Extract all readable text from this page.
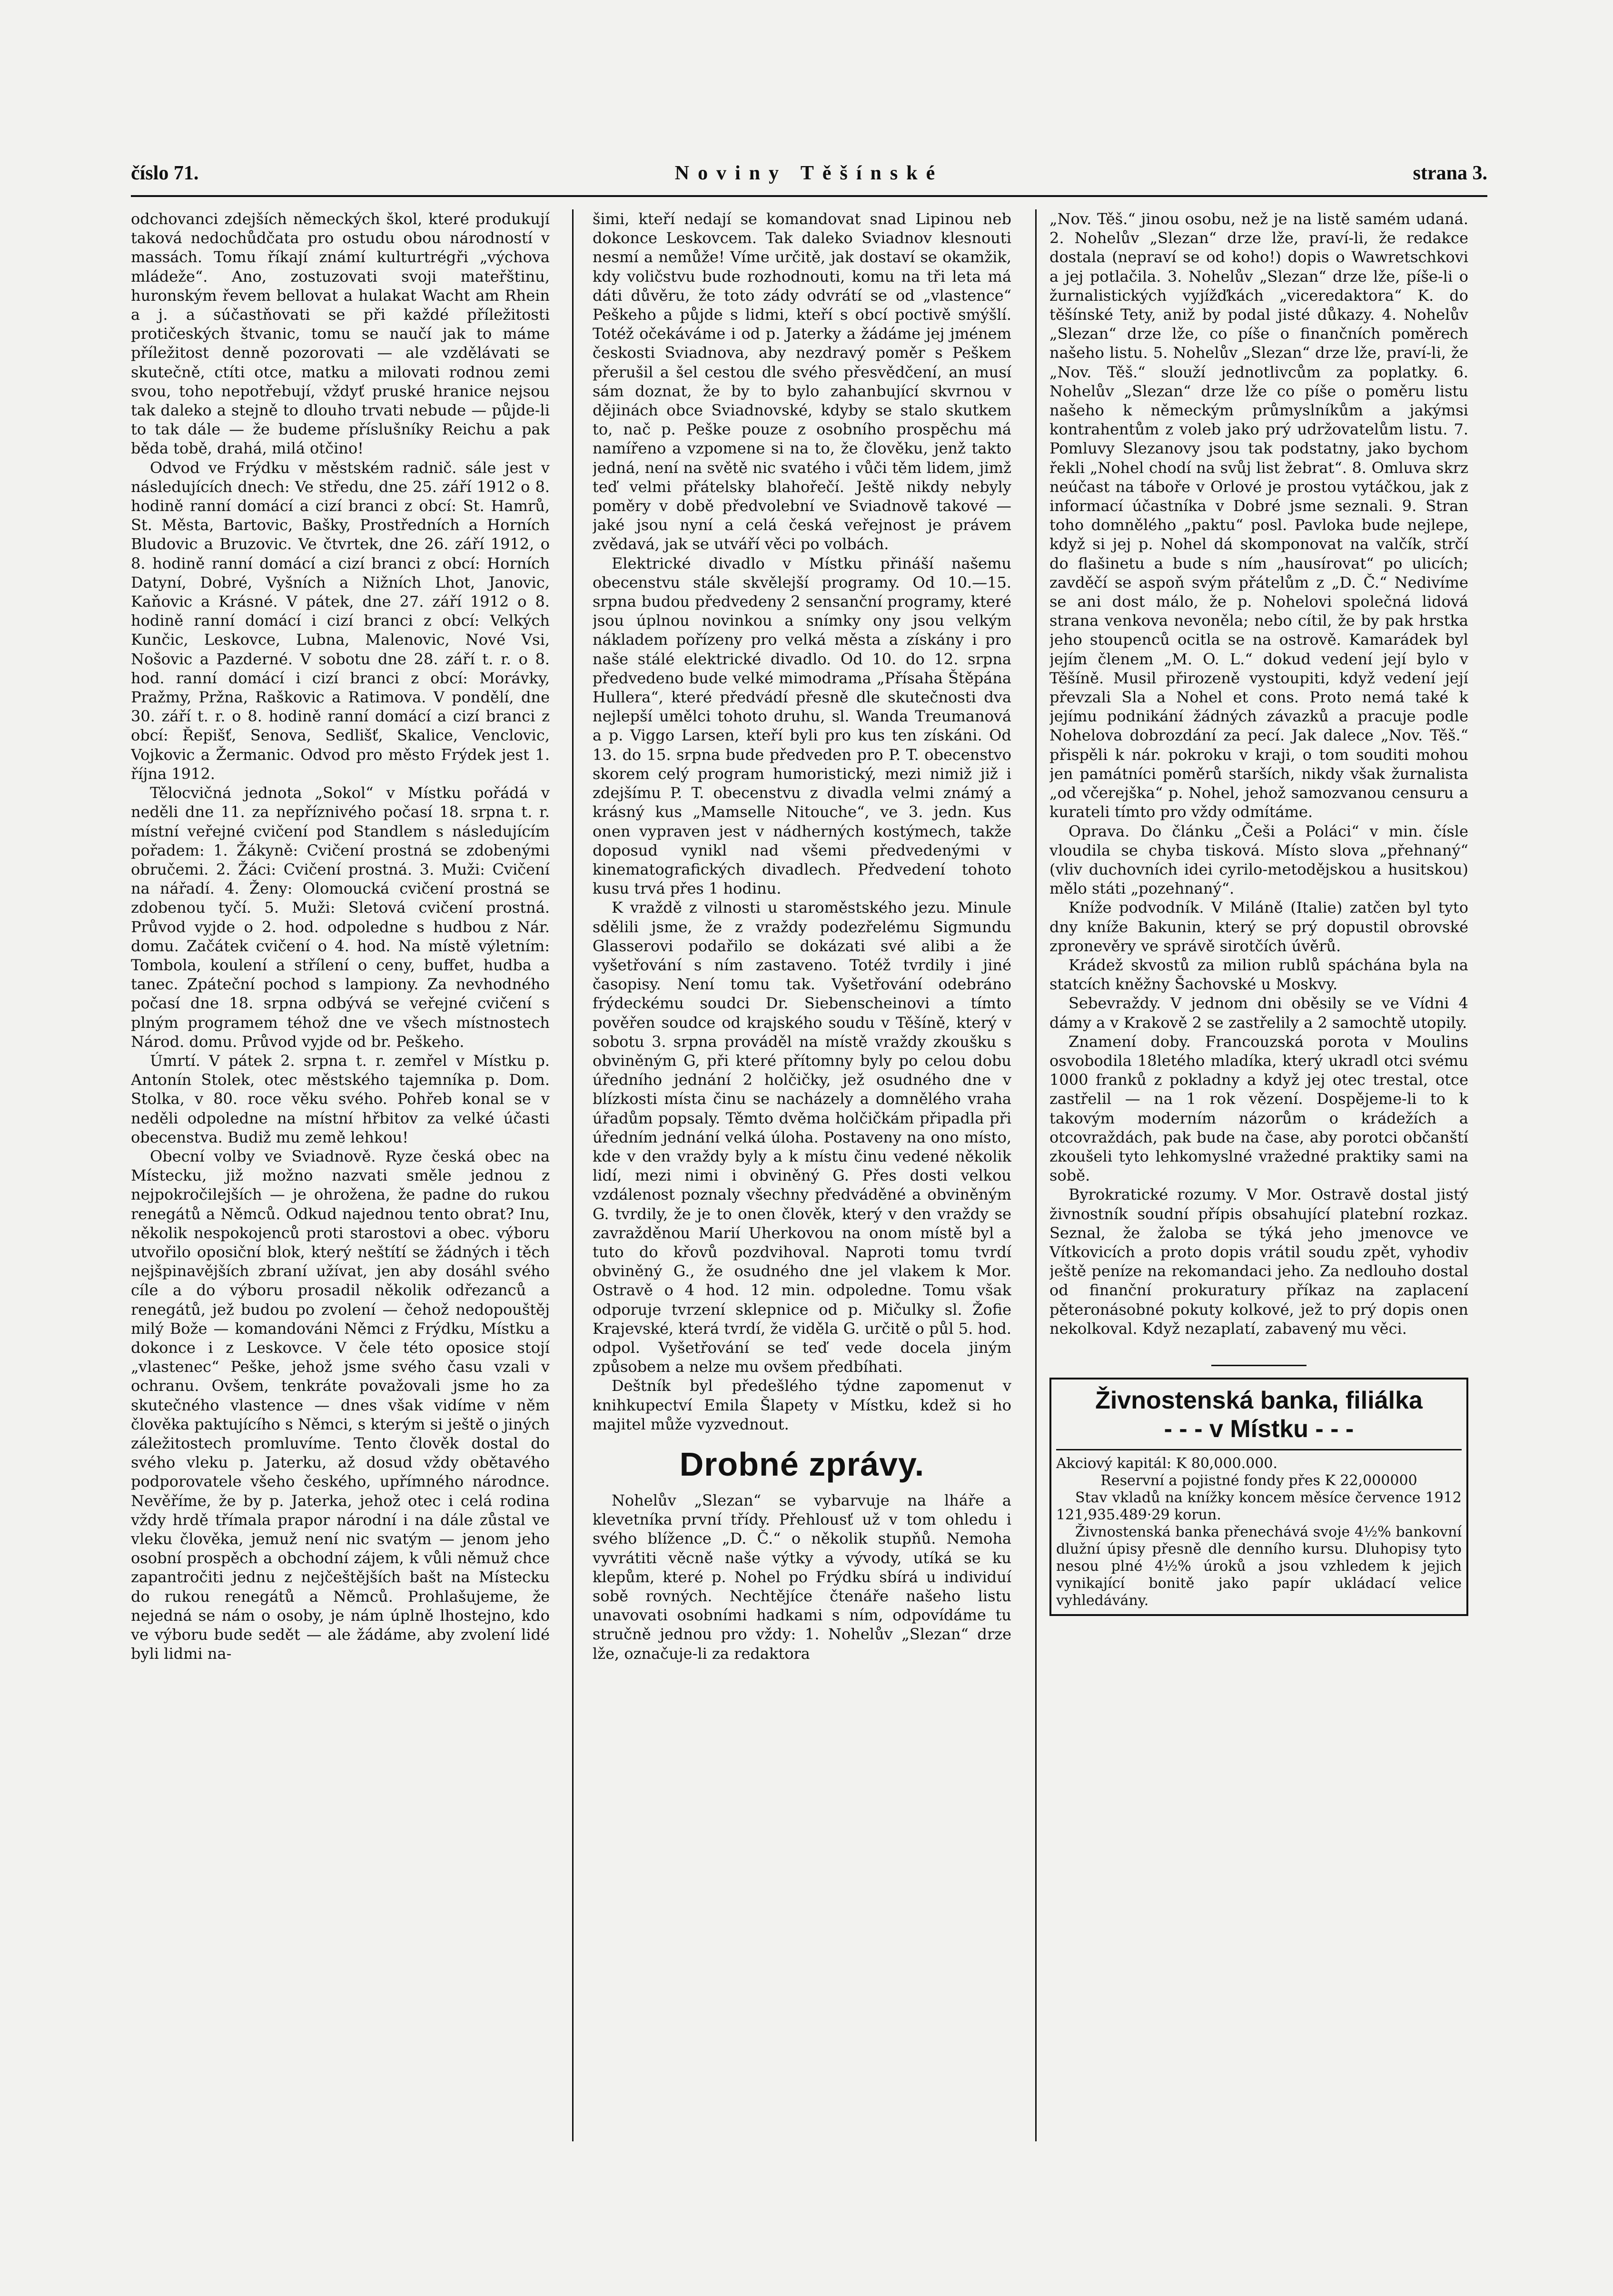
číslo 71.	Noviny Těšínské	strana 3.

odchovanci zdejších německých škol, které produkují taková nedochůdčata pro ostudu obou národností v massách. Tomu říkají známí kulturtrégři „výchova mládeže“. Ano, zostuzovati svoji mateřštinu, huronským řevem bellovat a hulakat Wacht am Rhein a j. a súčastňovati se při každé příležitosti protičeských štvanic, tomu se naučí jak to máme příležitost denně pozorovati — ale vzdělávati se skutečně, ctíti otce, matku a milovati rodnou zemi svou, toho nepotřebují, vždyť pruské hranice nejsou tak daleko a stejně to dlouho trvati nebude — půjde-li to tak dále — že budeme příslušníky Reichu a pak běda tobě, drahá, milá otčino!

Odvod ve Frýdku v městském radnič. sále jest v následujících dnech: Ve středu, dne 25. září 1912 o 8. hodině ranní domácí a cizí branci z obcí: St. Hamrů, St. Města, Bartovic, Bašky, Prostředních a Horních Bludovic a Bruzovic. Ve čtvrtek, dne 26. září 1912, o 8. hodině ranní domácí a cizí branci z obcí: Horních Datyní, Dobré, Vyšních a Nižních Lhot, Janovic, Kaňovic a Krásné. V pátek, dne 27. září 1912 o 8. hodině ranní domácí i cizí branci z obcí: Velkých Kunčic, Leskovce, Lubna, Malenovic, Nové Vsi, Nošovic a Pazderné. V sobotu dne 28. září t. r. o 8. hod. ranní domácí i cizí branci z obcí: Morávky, Pražmy, Pržna, Raškovic a Ratimova. V pondělí, dne 30. září t. r. o 8. hodině ranní domácí a cizí branci z obcí: Řepišť, Senova, Sedlišť, Skalice, Venclovic, Vojkovic a Žermanic. Odvod pro město Frýdek jest 1. října 1912.

Tělocvičná jednota „Sokol“ v Místku pořádá v neděli dne 11. za nepříznivého počasí 18. srpna t. r. místní veřejné cvičení pod Standlem s následujícím pořadem: 1. Žákyně: Cvičení prostná se zdobenými obručemi. 2. Žáci: Cvičení prostná. 3. Muži: Cvičení na nářadí. 4. Ženy: Olomoucká cvičení prostná se zdobenou tyčí. 5. Muži: Sletová cvičení prostná. Průvod vyjde o 2. hod. odpoledne s hudbou z Nár. domu. Začátek cvičení o 4. hod. Na místě výletním: Tombola, koulení a střílení o ceny, buffet, hudba a tanec. Zpáteční pochod s lampiony. Za nevhodného počasí dne 18. srpna odbývá se veřejné cvičení s plným programem téhož dne ve všech místnostech Národ. domu. Průvod vyjde od br. Peškeho.

Úmrtí. V pátek 2. srpna t. r. zemřel v Místku p. Antonín Stolek, otec městského tajemníka p. Dom. Stolka, v 80. roce věku svého. Pohřeb konal se v neděli odpoledne na místní hřbitov za velké účasti obecenstva. Budiž mu země lehkou!

Obecní volby ve Sviadnově. Ryze česká obec na Místecku, již možno nazvati směle jednou z nejpokročilejších — je ohrožena, že padne do rukou renegátů a Němců. Odkud najednou tento obrat? Inu, několik nespokojenců proti starostovi a obec. výboru utvořilo oposiční blok, který neštítí se žádných i těch nejšpinavějších zbraní užívat, jen aby dosáhl svého cíle a do výboru prosadil několik odřezanců a renegátů, jež budou po zvolení — čehož nedopouštěj milý Bože — komandováni Němci z Frýdku, Místku a dokonce i z Leskovce. V čele této oposice stojí „vlastenec“ Peške, jehož jsme svého času vzali v ochranu. Ovšem, tenkráte považovali jsme ho za skutečného vlastence — dnes však vidíme v něm člověka paktujícího s Němci, s kterým si ještě o jiných záležitostech promluvíme. Tento člověk dostal do svého vleku p. Jaterku, až dosud vždy obětavého podporovatele všeho českého, upřímného národnce. Nevěříme, že by p. Jaterka, jehož otec i celá rodina vždy hrdě třímala prapor národní i na dále zůstal ve vleku člověka, jemuž není nic svatým — jenom jeho osobní prospěch a obchodní zájem, k vůli němuž chce zapantročiti jednu z nejčeštějších bašt na Místecku do rukou renegátů a Němců. Prohlašujeme, že nejedná se nám o osoby, je nám úplně lhostejno, kdo ve výboru bude sedět — ale žádáme, aby zvolení lidé byli lidmi na-

šimi, kteří nedají se komandovat snad Lipinou neb dokonce Leskovcem. Tak daleko Sviadnov klesnouti nesmí a nemůže! Víme určitě, jak dostaví se okamžik, kdy voličstvu bude rozhodnouti, komu na tři leta má dáti důvěru, že toto zády odvrátí se od „vlastence“ Peškeho a půjde s lidmi, kteří s obcí poctivě smýšlí. Totéž očekáváme i od p. Jaterky a žádáme jej jménem českosti Sviadnova, aby nezdravý poměr s Peškem přerušil a šel cestou dle svého přesvědčení, an musí sám doznat, že by to bylo zahanbující skvrnou v dějinách obce Sviadnovské, kdyby se stalo skutkem to, nač p. Peške pouze z osobního prospěchu má namířeno a vzpomene si na to, že člověku, jenž takto jedná, není na světě nic svatého i vůči těm lidem, jimž teď velmi přátelsky blahořečí. Ještě nikdy nebyly poměry v době předvolební ve Sviadnově takové — jaké jsou nyní a celá česká veřejnost je právem zvědavá, jak se utváří věci po volbách.

Elektrické divadlo v Místku přináší našemu obecenstvu stále skvělejší programy. Od 10.—15. srpna budou předvedeny 2 sensanční programy, které jsou úplnou novinkou a snímky ony jsou velkým nákladem pořízeny pro velká města a získány i pro naše stálé elektrické divadlo. Od 10. do 12. srpna předvedeno bude velké mimodrama „Přísaha Štěpána Hullera“, které předvádí přesně dle skutečnosti dva nejlepší umělci tohoto druhu, sl. Wanda Treumanová a p. Viggo Larsen, kteří byli pro kus ten získáni. Od 13. do 15. srpna bude předveden pro P. T. obecenstvo skorem celý program humoristický, mezi nimiž již i zdejšímu P. T. obecenstvu z divadla velmi známý a krásný kus „Mamselle Nitouche“, ve 3. jedn. Kus onen vypraven jest v nádherných kostýmech, takže doposud vynikl nad všemi předvedenými v kinematografických divadlech. Předvedení tohoto kusu trvá přes 1 hodinu.

K vraždě z vilnosti u staroměstského jezu. Minule sdělili jsme, že z vraždy podezřelému Sigmundu Glasserovi podařilo se dokázati své alibi a že vyšetřování s ním zastaveno. Totéž tvrdily i jiné časopisy. Není tomu tak. Vyšetřování odebráno frýdeckému soudci Dr. Siebenscheinovi a tímto pověřen soudce od krajského soudu v Těšíně, který v sobotu 3. srpna prováděl na místě vraždy zkoušku s obviněným G, při které přítomny byly po celou dobu úředního jednání 2 holčičky, jež osudného dne v blízkosti místa činu se nacházely a domnělého vraha úřadům popsaly. Těmto dvěma holčičkám připadla při úředním jednání velká úloha. Postaveny na ono místo, kde v den vraždy byly a k místu činu vedené několik lidí, mezi nimi i obviněný G. Přes dosti velkou vzdálenost poznaly všechny předváděné a obviněným G. tvrdily, že je to onen člověk, který v den vraždy se zavražděnou Marií Uherkovou na onom místě byl a tuto do křovů pozdvihoval. Naproti tomu tvrdí obviněný G., že osudného dne jel vlakem k Mor. Ostravě o 4 hod. 12 min. odpoledne. Tomu však odporuje tvrzení sklepnice od p. Mičulky sl. Žofie Krajevské, která tvrdí, že viděla G. určitě o půl 5. hod. odpol. Vyšetřování se teď vede docela jiným způsobem a nelze mu ovšem předbíhati.

Deštník byl předešlého týdne zapomenut v knihkupectví Emila Šlapety v Místku, kdež si ho majitel může vyzvednout.

Drobné zprávy.

Nohelův „Slezan“ se vybarvuje na lháře a klevetníka první třídy. Přehlousť už v tom ohledu i svého blížence „D. Č.“ o několik stupňů. Nemoha vyvrátiti věcně naše výtky a vývody, utíká se ku klepům, které p. Nohel po Frýdku sbírá u individuí sobě rovných. Nechtějíce čtenáře našeho listu unavovati osobními hadkami s ním, odpovídáme tu stručně jednou pro vždy: 1. Nohelův „Slezan“ drze lže, označuje-li za redaktora

„Nov. Těš.“ jinou osobu, než je na listě samém udaná. 2. Nohelův „Slezan“ drze lže, praví-li, že redakce dostala (nepraví se od koho!) dopis o Wawretschkovi a jej potlačila. 3. Nohelův „Slezan“ drze lže, píše-li o žurnalistických vyjížďkách „viceredaktora“ K. do těšínské Tety, aniž by podal jisté důkazy. 4. Nohelův „Slezan“ drze lže, co píše o finančních poměrech našeho listu. 5. Nohelův „Slezan“ drze lže, praví-li, že „Nov. Těš.“ slouží jednotlivcům za poplatky. 6. Nohelův „Slezan“ drze lže co píše o poměru listu našeho k německým průmyslníkům a jakýmsi kontrahentům z voleb jako prý udržovatelům listu. 7. Pomluvy Slezanovy jsou tak podstatny, jako bychom řekli „Nohel chodí na svůj list žebrat“. 8. Omluva skrz neúčast na táboře v Orlové je prostou vytáčkou, jak z informací účastníka v Dobré jsme seznali. 9. Stran toho domnělého „paktu“ posl. Pavloka bude nejlepe, když si jej p. Nohel dá skomponovat na valčík, strčí do flašinetu a bude s ním „hausírovat“ po ulicích; zavděčí se aspoň svým přátelům z „D. Č.“ Nedivíme se ani dost málo, že p. Nohelovi společná lidová strana venkova nevoněla; nebo cítil, že by pak hrstka jeho stoupenců ocitla se na ostrově. Kamarádek byl jejím členem „M. O. L.“ dokud vedení její bylo v Těšíně. Musil přirozeně vystoupiti, když vedení její převzali Sla a Nohel et cons. Proto nemá také k jejímu podnikání žádných závazků a pracuje podle Nohelova dobrozdání za pecí. Jak dalece „Nov. Těš.“ přispěli k nár. pokroku v kraji, o tom souditi mohou jen památníci poměrů starších, nikdy však žurnalista „od včerejška“ p. Nohel, jehož samozvanou censuru a kurateli tímto pro vždy odmítáme.

Oprava. Do článku „Češi a Poláci“ v min. čísle vloudila se chyba tisková. Místo slova „přehnaný“ (vliv duchovních idei cyrilo-metodějskou a husitskou) mělo státi „pozehnaný“.

Kníže podvodník. V Miláně (Italie) zatčen byl tyto dny kníže Bakunin, který se prý dopustil obrovské zpronevěry ve správě sirotčích úvěrů.

Krádež skvostů za milion rublů spáchána byla na statcích kněžny Šachovské u Moskvy.

Sebevraždy. V jednom dni oběsily se ve Vídni 4 dámy a v Krakově 2 se zastřelily a 2 samochtě utopily.

Znamení doby. Francouzská porota v Moulins osvobodila 18letého mladíka, který ukradl otci svému 1000 franků z pokladny a když jej otec trestal, otce zastřelil — na 1 rok vězení. Dospějeme-li to k takovým moderním názorům o krádežích a otcovraždách, pak bude na čase, aby porotci občanští zkoušeli tyto lehkomyslné vražedné praktiky sami na sobě.

Byrokratické rozumy. V Mor. Ostravě dostal jistý živnostník soudní přípis obsahující platební rozkaz. Seznal, že žaloba se týká jeho jmenovce ve Vítkovicích a proto dopis vrátil soudu zpět, vyhodiv ještě peníze na rekomandaci jeho. Za nedlouho dostal od finanční prokuratury příkaz na zaplacení pěteronásobné pokuty kolkové, jež to prý dopis onen nekolkoval. Když nezaplatí, zabavený mu věci.

Živnostenská banka, filiálka
- - - v Místku - - -

Akciový kapitál: K 80,000.000.

Reservní a pojistné fondy přes K 22,000000

Stav vkladů na knížky koncem měsíce července 1912 121,935.489·29 korun.

Živnostenská banka přenechává svoje 4½% bankovní dlužní úpisy přesně dle denního kursu. Dluhopisy tyto nesou plné 4½% úroků a jsou vzhledem k jejich vynikající bonitě jako papír ukládací velice vyhledávány.
